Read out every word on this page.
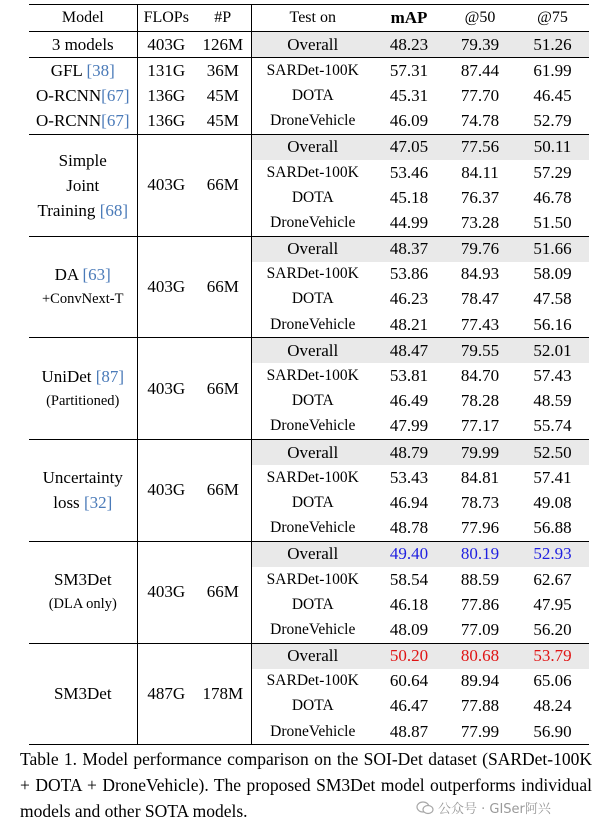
Model	FLOPs	#P	Test on	mAP	@50	@75
3 models	403G	126M	Overall	48.23	79.39	51.26
GFL [38]	131G	36M	SARDet-100K	57.31	87.44	61.99
O-RCNN[67]	136G	45M	DOTA	45.31	77.70	46.45
O-RCNN[67]	136G	45M	DroneVehicle	46.09	74.78	52.79
Simple
Joint
Training [68]	403G	66M	Overall	47.05	77.56	50.11
			SARDet-100K	53.46	84.11	57.29
			DOTA	45.18	76.37	46.78
			DroneVehicle	44.99	73.28	51.50

DA [63]
+ConvNext-T	403G	66M	Overall	48.37	79.76	51.66
			SARDet-100K	53.86	84.93	58.09
			DOTA	46.23	78.47	47.58
			DroneVehicle	48.21	77.43	56.16

UniDet [87]
(Partitioned)	403G	66M	Overall	48.47	79.55	52.01
			SARDet-100K	53.81	84.70	57.43
			DOTA	46.49	78.28	48.59
			DroneVehicle	47.99	77.17	55.74

Uncertainty
loss [32]	403G	66M	Overall	48.79	79.99	52.50
			SARDet-100K	53.43	84.81	57.41
			DOTA	46.94	78.73	49.08
			DroneVehicle	48.78	77.96	56.88

SM3Det
(DLA only)	403G	66M	Overall	49.40	80.19	52.93
			SARDet-100K	58.54	88.59	62.67
			DOTA	46.18	77.86	47.95
			DroneVehicle	48.09	77.09	56.20

SM3Det	487G	178M	Overall	50.20	80.68	53.79
			SARDet-100K	60.64	89.94	65.06
			DOTA	46.47	77.88	48.24
			DroneVehicle	48.87	77.99	56.90
Table 1. Model performance comparison on the SOI-Det dataset (SARDet-100K + DOTA + DroneVehicle). The proposed SM3Det model outperforms individual models and other SOTA models.	公众号 · GISer阿兴
